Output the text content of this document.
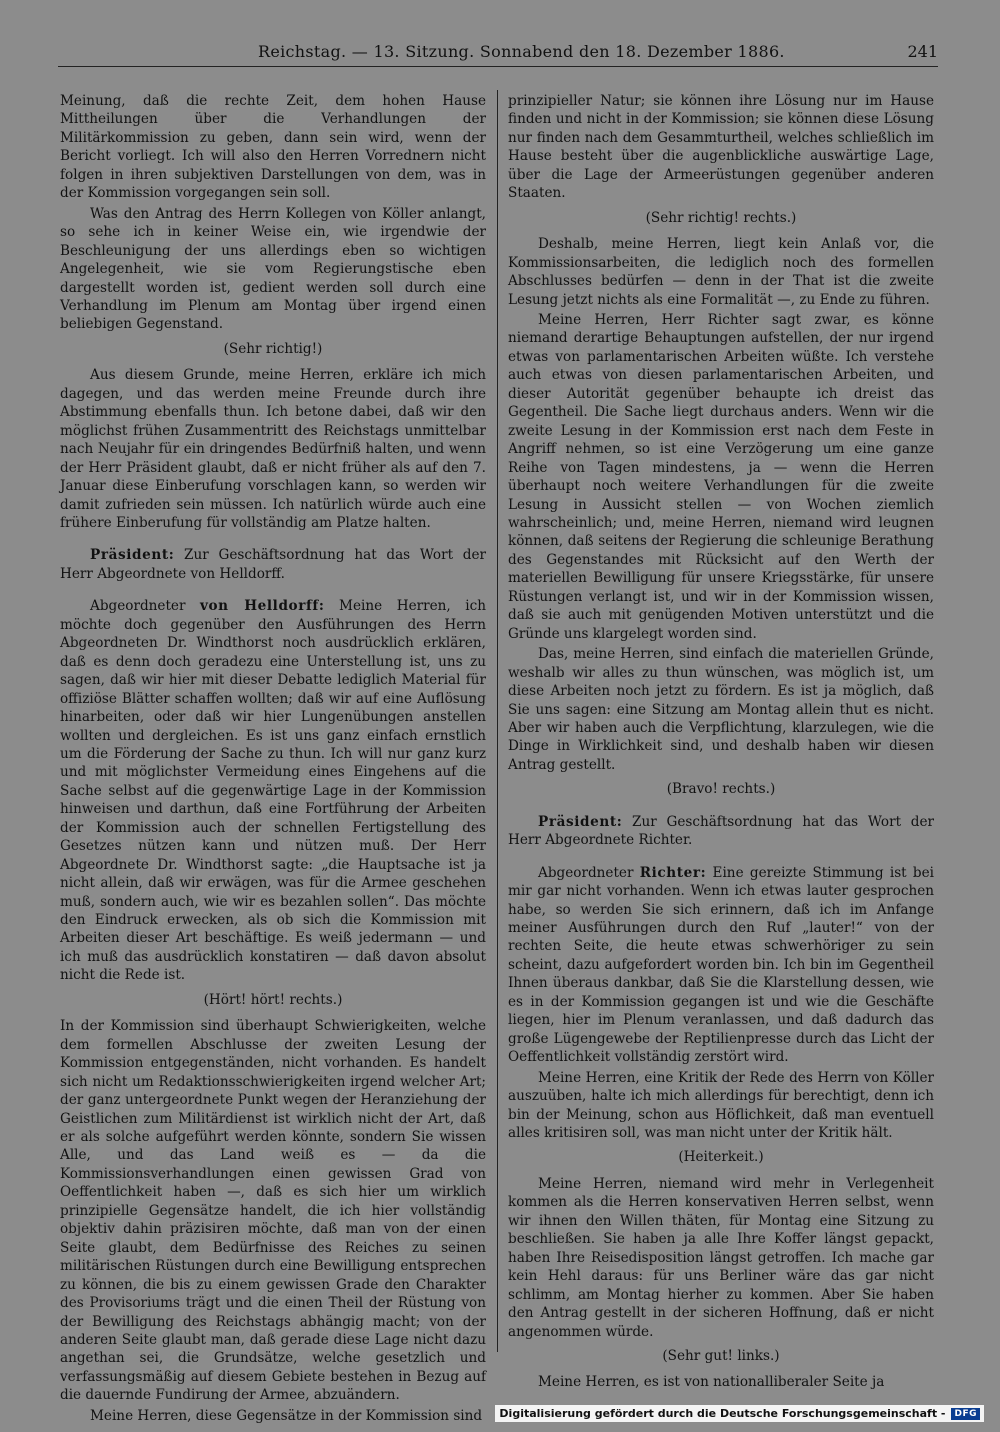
Reichstag. — 13. Sitzung. Sonnabend den 18. Dezember 1886.	241

Meinung, daß die rechte Zeit, dem hohen Hause Mittheilungen über die Verhandlungen der Militärkommission zu geben, dann sein wird, wenn der Bericht vorliegt. Ich will also den Herren Vorrednern nicht folgen in ihren subjektiven Darstellungen von dem, was in der Kommission vorgegangen sein soll.

Was den Antrag des Herrn Kollegen von Köller anlangt, so sehe ich in keiner Weise ein, wie irgendwie der Beschleunigung der uns allerdings eben so wichtigen Angelegenheit, wie sie vom Regierungstische eben dargestellt worden ist, gedient werden soll durch eine Verhandlung im Plenum am Montag über irgend einen beliebigen Gegenstand.

(Sehr richtig!)

Aus diesem Grunde, meine Herren, erkläre ich mich dagegen, und das werden meine Freunde durch ihre Abstimmung ebenfalls thun. Ich betone dabei, daß wir den möglichst frühen Zusammentritt des Reichstags unmittelbar nach Neujahr für ein dringendes Bedürfniß halten, und wenn der Herr Präsident glaubt, daß er nicht früher als auf den 7. Januar diese Einberufung vorschlagen kann, so werden wir damit zufrieden sein müssen. Ich natürlich würde auch eine frühere Einberufung für vollständig am Platze halten.

Präsident: Zur Geschäftsordnung hat das Wort der Herr Abgeordnete von Helldorff.

Abgeordneter von Helldorff: Meine Herren, ich möchte doch gegenüber den Ausführungen des Herrn Abgeordneten Dr. Windthorst noch ausdrücklich erklären, daß es denn doch geradezu eine Unterstellung ist, uns zu sagen, daß wir hier mit dieser Debatte lediglich Material für offiziöse Blätter schaffen wollten; daß wir auf eine Auflösung hinarbeiten, oder daß wir hier Lungenübungen anstellen wollten und dergleichen. Es ist uns ganz einfach ernstlich um die Förderung der Sache zu thun. Ich will nur ganz kurz und mit möglichster Vermeidung eines Eingehens auf die Sache selbst auf die gegenwärtige Lage in der Kommission hinweisen und darthun, daß eine Fortführung der Arbeiten der Kommission auch der schnellen Fertigstellung des Gesetzes nützen kann und nützen muß. Der Herr Abgeordnete Dr. Windthorst sagte: „die Hauptsache ist ja nicht allein, daß wir erwägen, was für die Armee geschehen muß, sondern auch, wie wir es bezahlen sollen“. Das möchte den Eindruck erwecken, als ob sich die Kommission mit Arbeiten dieser Art beschäftige. Es weiß jedermann — und ich muß das ausdrücklich konstatiren — daß davon absolut nicht die Rede ist.

(Hört! hört! rechts.)

In der Kommission sind überhaupt Schwierigkeiten, welche dem formellen Abschlusse der zweiten Lesung der Kommission entgegenständen, nicht vorhanden. Es handelt sich nicht um Redaktionsschwierigkeiten irgend welcher Art; der ganz untergeordnete Punkt wegen der Heranziehung der Geistlichen zum Militärdienst ist wirklich nicht der Art, daß er als solche aufgeführt werden könnte, sondern Sie wissen Alle, und das Land weiß es — da die Kommissionsverhandlungen einen gewissen Grad von Oeffentlichkeit haben —, daß es sich hier um wirklich prinzipielle Gegensätze handelt, die ich hier vollständig objektiv dahin präzisiren möchte, daß man von der einen Seite glaubt, dem Bedürfnisse des Reiches zu seinen militärischen Rüstungen durch eine Bewilligung entsprechen zu können, die bis zu einem gewissen Grade den Charakter des Provisoriums trägt und die einen Theil der Rüstung von der Bewilligung des Reichstags abhängig macht; von der anderen Seite glaubt man, daß gerade diese Lage nicht dazu angethan sei, die Grundsätze, welche gesetzlich und verfassungsmäßig auf diesem Gebiete bestehen in Bezug auf die dauernde Fundirung der Armee, abzuändern.

Meine Herren, diese Gegensätze in der Kommission sind

prinzipieller Natur; sie können ihre Lösung nur im Hause finden und nicht in der Kommission; sie können diese Lösung nur finden nach dem Gesammturtheil, welches schließlich im Hause besteht über die augenblickliche auswärtige Lage, über die Lage der Armeerüstungen gegenüber anderen Staaten.

(Sehr richtig! rechts.)

Deshalb, meine Herren, liegt kein Anlaß vor, die Kommissionsarbeiten, die lediglich noch des formellen Abschlusses bedürfen — denn in der That ist die zweite Lesung jetzt nichts als eine Formalität —, zu Ende zu führen.

Meine Herren, Herr Richter sagt zwar, es könne niemand derartige Behauptungen aufstellen, der nur irgend etwas von parlamentarischen Arbeiten wüßte. Ich verstehe auch etwas von diesen parlamentarischen Arbeiten, und dieser Autorität gegenüber behaupte ich dreist das Gegentheil. Die Sache liegt durchaus anders. Wenn wir die zweite Lesung in der Kommission erst nach dem Feste in Angriff nehmen, so ist eine Verzögerung um eine ganze Reihe von Tagen mindestens, ja — wenn die Herren überhaupt noch weitere Verhandlungen für die zweite Lesung in Aussicht stellen — von Wochen ziemlich wahrscheinlich; und, meine Herren, niemand wird leugnen können, daß seitens der Regierung die schleunige Berathung des Gegenstandes mit Rücksicht auf den Werth der materiellen Bewilligung für unsere Kriegsstärke, für unsere Rüstungen verlangt ist, und wir in der Kommission wissen, daß sie auch mit genügenden Motiven unterstützt und die Gründe uns klargelegt worden sind.

Das, meine Herren, sind einfach die materiellen Gründe, weshalb wir alles zu thun wünschen, was möglich ist, um diese Arbeiten noch jetzt zu fördern. Es ist ja möglich, daß Sie uns sagen: eine Sitzung am Montag allein thut es nicht. Aber wir haben auch die Verpflichtung, klarzulegen, wie die Dinge in Wirklichkeit sind, und deshalb haben wir diesen Antrag gestellt.

(Bravo! rechts.)

Präsident: Zur Geschäftsordnung hat das Wort der Herr Abgeordnete Richter.

Abgeordneter Richter: Eine gereizte Stimmung ist bei mir gar nicht vorhanden. Wenn ich etwas lauter gesprochen habe, so werden Sie sich erinnern, daß ich im Anfange meiner Ausführungen durch den Ruf „lauter!“ von der rechten Seite, die heute etwas schwerhöriger zu sein scheint, dazu aufgefordert worden bin. Ich bin im Gegentheil Ihnen überaus dankbar, daß Sie die Klarstellung dessen, wie es in der Kommission gegangen ist und wie die Geschäfte liegen, hier im Plenum veranlassen, und daß dadurch das große Lügengewebe der Reptilienpresse durch das Licht der Oeffentlichkeit vollständig zerstört wird.

Meine Herren, eine Kritik der Rede des Herrn von Köller auszuüben, halte ich mich allerdings für berechtigt, denn ich bin der Meinung, schon aus Höflichkeit, daß man eventuell alles kritisiren soll, was man nicht unter der Kritik hält.

(Heiterkeit.)

Meine Herren, niemand wird mehr in Verlegenheit kommen als die Herren konservativen Herren selbst, wenn wir ihnen den Willen thäten, für Montag eine Sitzung zu beschließen. Sie haben ja alle Ihre Koffer längst gepackt, haben Ihre Reisedisposition längst getroffen. Ich mache gar kein Hehl daraus: für uns Berliner wäre das gar nicht schlimm, am Montag hierher zu kommen. Aber Sie haben den Antrag gestellt in der sicheren Hoffnung, daß er nicht angenommen würde.

(Sehr gut! links.)

Meine Herren, es ist von nationalliberaler Seite ja

Digitalisierung gefördert durch die Deutsche Forschungsgemeinschaft -	DFG
